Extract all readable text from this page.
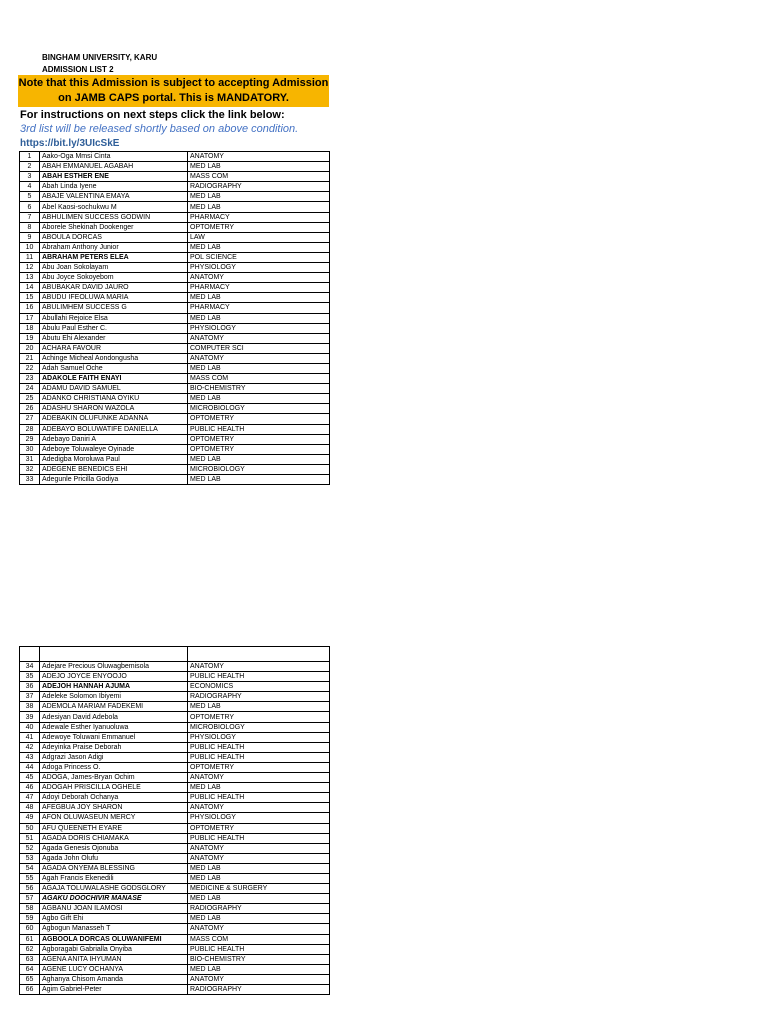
BINGHAM UNIVERSITY, KARU
ADMISSION LIST 2
Note that this Admission is subject to accepting Admission on JAMB CAPS portal. This is MANDATORY.
For instructions on next steps click the link below:
3rd list will be released shortly based on above condition.
https://bit.ly/3UIcSkE
1	Aako-Oga Mmsi Cinta	ANATOMY
2	ABAH EMMANUEL AGABAH	MED LAB
3	ABAH ESTHER ENE	MASS COM
4	Abah Linda Iyene	RADIOGRAPHY
5	ABAJE VALENTINA EMAYA	MED LAB
6	Abel Kaosi-sochukwu M	MED LAB
7	ABHULIMEN SUCCESS GODWIN	PHARMACY
8	Aborele Shekinah Dookenger	OPTOMETRY
9	ABOULA DORCAS	LAW
10	Abraham Anthony Junior	MED LAB
11	ABRAHAM PETERS ELEA	POL SCIENCE
12	Abu Joan Sokolayam	PHYSIOLOGY
13	Abu Joyce Sokoyebom	ANATOMY
14	ABUBAKAR DAVID JAURO	PHARMACY
15	ABUDU IFEOLUWA MARIA	MED LAB
16	ABULIMHEM SUCCESS G	PHARMACY
17	Abullahi Rejoice Elsa	MED LAB
18	Abulu Paul Esther C.	PHYSIOLOGY
19	Abutu Ehi Alexander	ANATOMY
20	ACHARA FAVOUR	COMPUTER SCI
21	Achinge Micheal Aondongusha	ANATOMY
22	Adah Samuel Oche	MED LAB
23	ADAKOLE FAITH ENAYI	MASS COM
24	ADAMU DAVID SAMUEL	BIO-CHEMISTRY
25	ADANKO CHRISTIANA OYIKU	MED LAB
26	ADASHU SHARON WAZOLA	MICROBIOLOGY
27	ADEBAKIN OLUFUNKE ADANNA	OPTOMETRY
28	ADEBAYO BOLUWATIFE DANIELLA	PUBLIC HEALTH
29	Adebayo Daniri A	OPTOMETRY
30	Adeboye Toluwaleye Oyinade	OPTOMETRY
31	Adedigba Moroluwa Paul	MED LAB
32	ADEGENE BENEDICS EHI	MICROBIOLOGY
33	Adegunle Pricilla Godiya	MED LAB

34	Adejare Precious Oluwagbemisola	ANATOMY
35	ADEJO JOYCE ENYOOJO	PUBLIC HEALTH
36	ADEJOH HANNAH AJUMA	ECONOMICS
37	Adeleke Solomon Ibiyemi	RADIOGRAPHY
38	ADEMOLA MARIAM FADEKEMI	MED LAB
39	Adesiyan David Adebola	OPTOMETRY
40	Adewale Esther Iyanuoluwa	MICROBIOLOGY
41	Adewoye Toluwani Emmanuel	PHYSIOLOGY
42	Adeyinka Praise Deborah	PUBLIC HEALTH
43	Adgrazi Jason Adigi	PUBLIC HEALTH
44	Adoga Princess O.	OPTOMETRY
45	ADOGA, James-Bryan Ochim	ANATOMY
46	ADOGAH PRISCILLA OGHELE	MED LAB
47	Adoyi Deborah Ochanya	PUBLIC HEALTH
48	AFEGBUA JOY SHARON	ANATOMY
49	AFON OLUWASEUN MERCY	PHYSIOLOGY
50	AFU QUEENETH EYARE	OPTOMETRY
51	AGADA DORIS CHIAMAKA	PUBLIC HEALTH
52	Agada Genesis Ojonuba	ANATOMY
53	Agada John Olufu	ANATOMY
54	AGADA ONYEMA BLESSING	MED LAB
55	Agah Francis Ekenedili	MED LAB
56	AGAJA TOLUWALASHE GODSGLORY	MEDICINE & SURGERY
57	AGAKU DOOCHIVIR MANASE	MED LAB
58	AGBANU JOAN ILAMOSI	RADIOGRAPHY
59	Agbo Gift Ehi	MED LAB
60	Agbogun Manasseh T	ANATOMY
61	AGBOOLA DORCAS OLUWANIFEMI	MASS COM
62	Agboragabi Gabrialla Onyiba	PUBLIC HEALTH
63	AGENA ANITA IHYUMAN	BIO-CHEMISTRY
64	AGENE LUCY OCHANYA	MED LAB
65	Aghanya Chisom Amanda	ANATOMY
66	Agim Gabriel-Peter	RADIOGRAPHY
